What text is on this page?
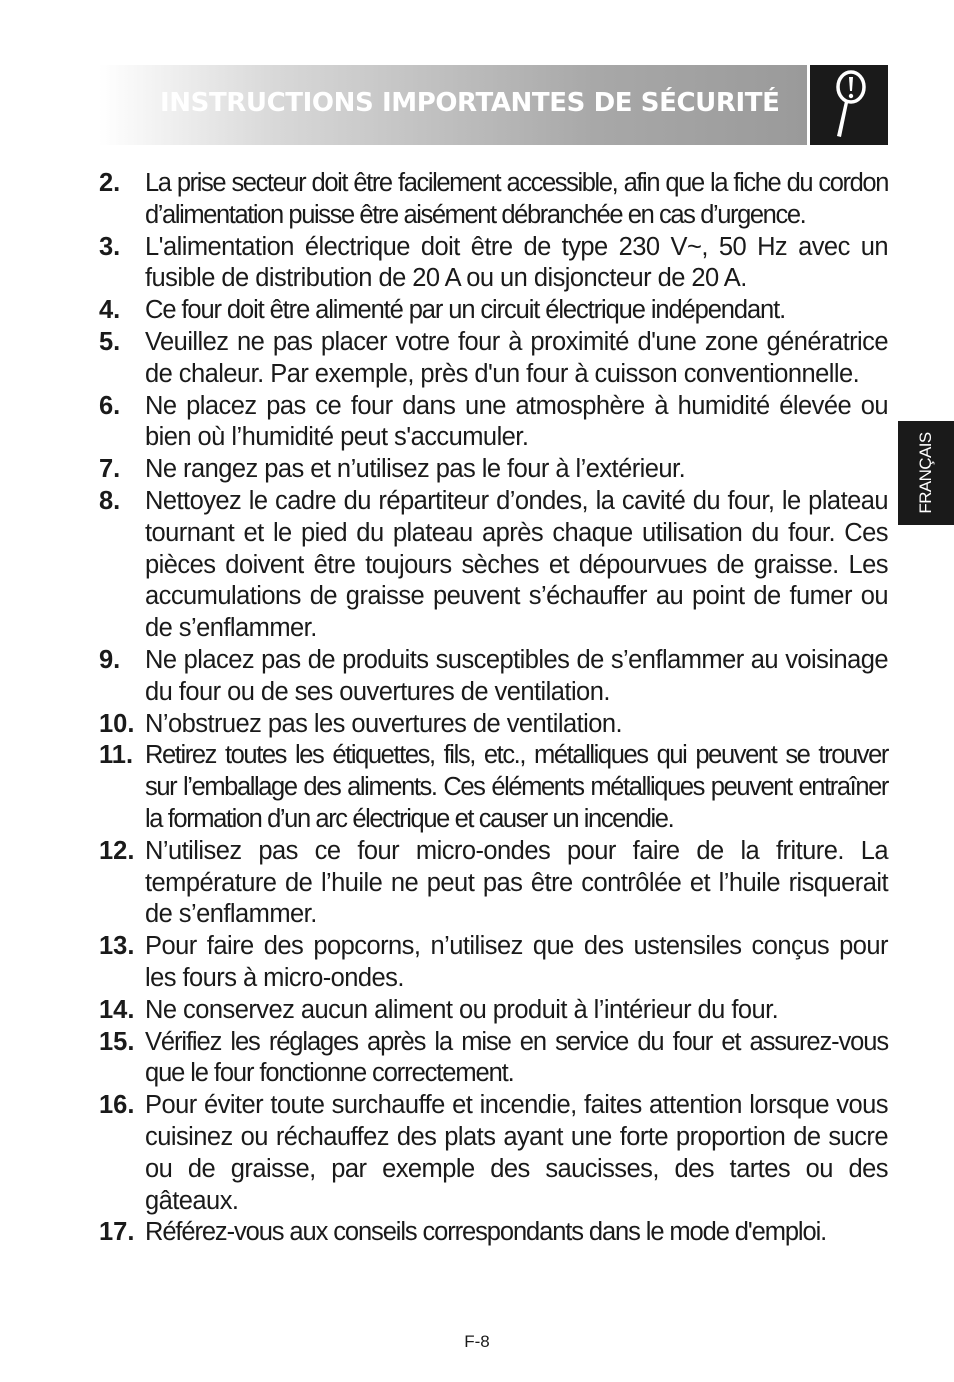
INSTRUCTIONS IMPORTANTES DE SÉCURITÉ
FRANÇAIS
2. La prise secteur doit être facilement accessible, afin que la fiche du cordon d’alimentation puisse être aisément débranchée en cas d’urgence.
3. L'alimentation électrique doit être de type 230 V~, 50 Hz avec un fusible de distribution de 20 A ou un disjoncteur de 20 A.
4. Ce four doit être alimenté par un circuit électrique indépendant.
5. Veuillez ne pas placer votre four à proximité d'une zone génératrice de chaleur. Par exemple, près d'un four à cuisson conventionnelle.
6. Ne placez pas ce four dans une atmosphère à humidité élevée ou bien où l’humidité peut s'accumuler.
7. Ne rangez pas et n’utilisez pas le four à l’extérieur.
8. Nettoyez le cadre du répartiteur d’ondes, la cavité du four, le plateau tournant et le pied du plateau après chaque utilisation du four. Ces pièces doivent être toujours sèches et dépourvues de graisse. Les accumulations de graisse peuvent s’échauffer au point de fumer ou de s’enflammer.
9. Ne placez pas de produits susceptibles de s’enflammer au voisinage du four ou de ses ouvertures de ventilation.
10. N’obstruez pas les ouvertures de ventilation.
11. Retirez toutes les étiquettes, fils, etc., métalliques qui peuvent se trouver sur l’emballage des aliments. Ces éléments métalliques peuvent entraîner la formation d’un arc électrique et causer un incendie.
12. N’utilisez pas ce four micro-ondes pour faire de la friture. La température de l’huile ne peut pas être contrôlée et l’huile risquerait de s’enflammer.
13. Pour faire des popcorns, n’utilisez que des ustensiles conçus pour les fours à micro-ondes.
14. Ne conservez aucun aliment ou produit à l’intérieur du four.
15. Vérifiez les réglages après la mise en service du four et assurez-vous que le four fonctionne correctement.
16. Pour éviter toute surchauffe et incendie, faites attention lorsque vous cuisinez ou réchauffez des plats ayant une forte proportion de sucre ou de graisse, par exemple des saucisses, des tartes ou des gâteaux.
17. Référez-vous aux conseils correspondants dans le mode d'emploi.
F-8
